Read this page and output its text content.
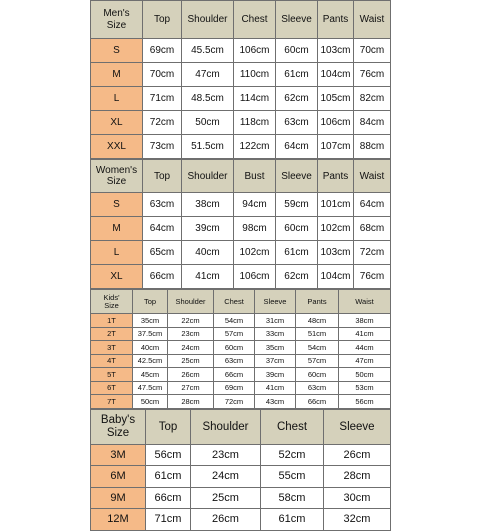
Men's
Size	Top	Shoulder	Chest	Sleeve	Pants	Waist
S	69cm	45.5cm	106cm	60cm	103cm	70cm
M	70cm	47cm	110cm	61cm	104cm	76cm
L	71cm	48.5cm	114cm	62cm	105cm	82cm
XL	72cm	50cm	118cm	63cm	106cm	84cm
XXL	73cm	51.5cm	122cm	64cm	107cm	88cm
Women's
Size	Top	Shoulder	Bust	Sleeve	Pants	Waist
S	63cm	38cm	94cm	59cm	101cm	64cm
M	64cm	39cm	98cm	60cm	102cm	68cm
L	65cm	40cm	102cm	61cm	103cm	72cm
XL	66cm	41cm	106cm	62cm	104cm	76cm
Kids'
Size	Top	Shoulder	Chest	Sleeve	Pants	Waist
1T	35cm	22cm	54cm	31cm	48cm	38cm
2T	37.5cm	23cm	57cm	33cm	51cm	41cm
3T	40cm	24cm	60cm	35cm	54cm	44cm
4T	42.5cm	25cm	63cm	37cm	57cm	47cm
5T	45cm	26cm	66cm	39cm	60cm	50cm
6T	47.5cm	27cm	69cm	41cm	63cm	53cm
7T	50cm	28cm	72cm	43cm	66cm	56cm
Baby's
Size	Top	Shoulder	Chest	Sleeve
3M	56cm	23cm	52cm	26cm
6M	61cm	24cm	55cm	28cm
9M	66cm	25cm	58cm	30cm
12M	71cm	26cm	61cm	32cm
